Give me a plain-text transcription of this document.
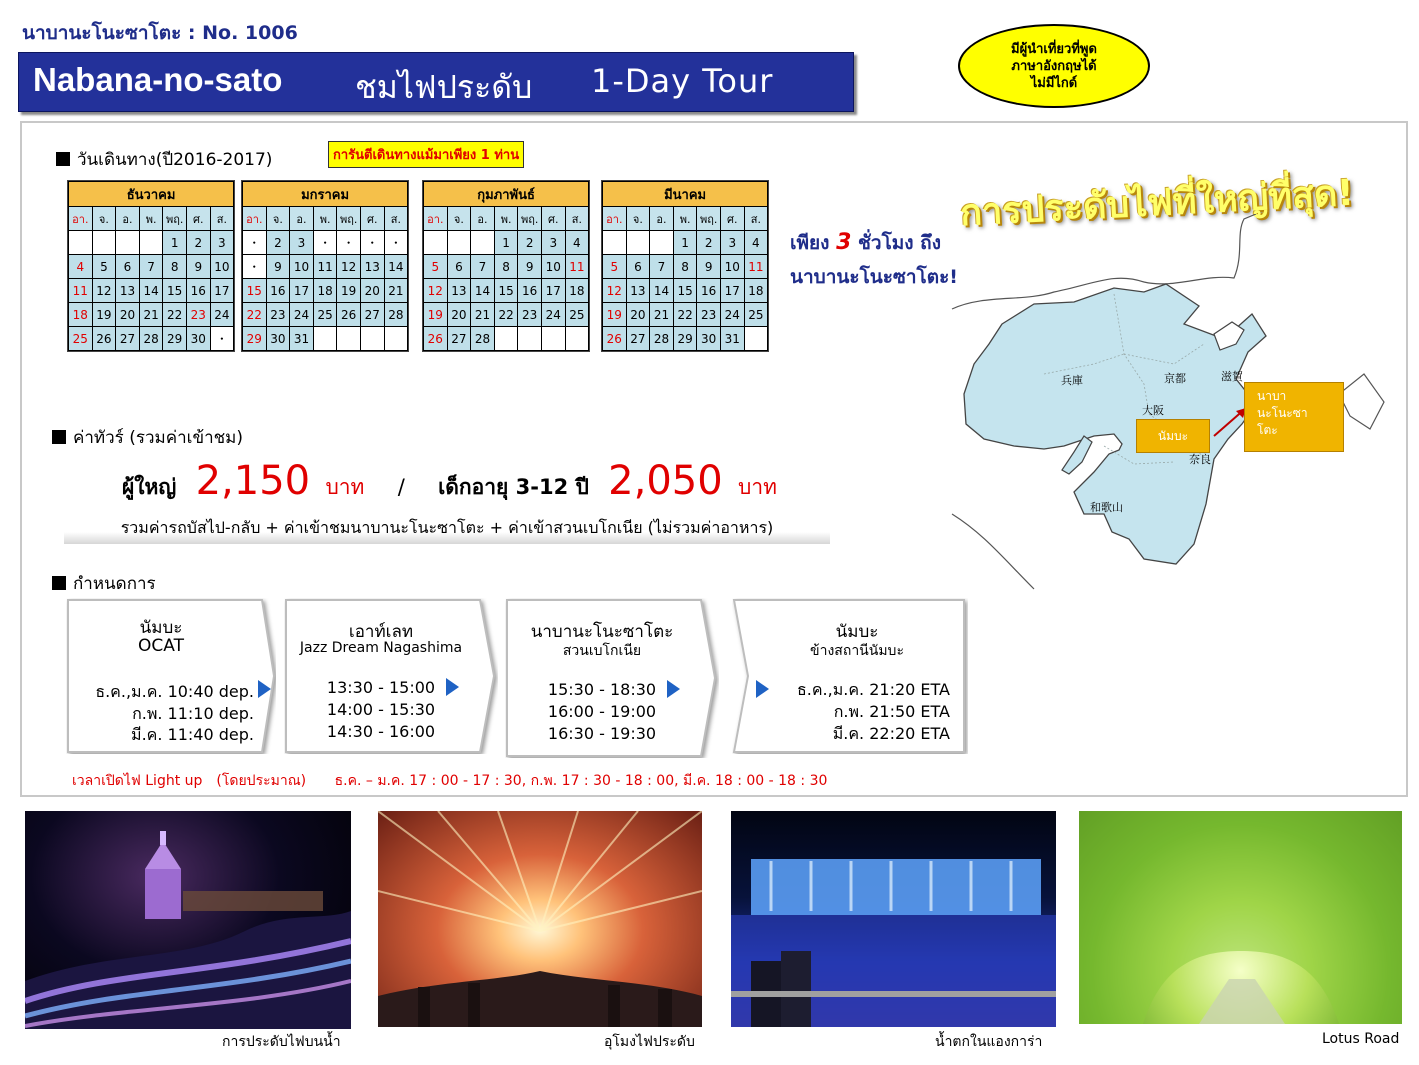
นาบานะโนะซาโตะ : No. 1006
Nabana-no-sato ชมไฟประดับ 1-Day Tour
มีผู้นำเที่ยวที่พูด
ภาษาอังกฤษได้
ไม่มีไกด์
วันเดินทาง(ปี2016-2017)	การันตีเดินทางแม้มาเพียง 1 ท่าน
ธันวาคม						
อา.	จ.	อ.	พ.	พฤ.	ศ.	ส.
				1	2	3
4	5	6	7	8	9	10
11	12	13	14	15	16	17
18	19	20	21	22	23	24
25	26	27	28	29	30	・
มกราคม						
อา.	จ.	อ.	พ.	พฤ.	ศ.	ส.
・	2	3	・	・	・	・
・	9	10	11	12	13	14
15	16	17	18	19	20	21
22	23	24	25	26	27	28
29	30	31				
กุมภาพันธ์						
อา.	จ.	อ.	พ.	พฤ.	ศ.	ส.
			1	2	3	4
5	6	7	8	9	10	11
12	13	14	15	16	17	18
19	20	21	22	23	24	25
26	27	28				
มีนาคม						
อา.	จ.	อ.	พ.	พฤ.	ศ.	ส.
			1	2	3	4
5	6	7	8	9	10	11
12	13	14	15	16	17	18
19	20	21	22	23	24	25
26	27	28	29	30	31	
การประดับไฟที่ใหญ่ที่สุด!
เพียง 3 ชั่วโมง ถึง
นาบานะโนะซาโตะ!
兵庫	京都	滋賀
大阪
奈良
和歌山
นัมบะ
นาบา
นะโนะซา
โตะ
ค่าทัวร์ (รวมค่าเข้าชม)
ผู้ใหญ่ 2,150 บาท / เด็กอายุ 3-12 ปี 2,050 บาท
รวมค่ารถบัสไป-กลับ + ค่าเข้าชมนาบานะโนะซาโตะ + ค่าเข้าสวนเบโกเนีย (ไม่รวมค่าอาหาร)
กำหนดการ
นัมบะ
OCAT
ธ.ค.,ม.ค. 10:40 dep.
ก.พ. 11:10 dep.
มี.ค. 11:40 dep.
เอาท์เลท
Jazz Dream Nagashima
13:30 - 15:00
14:00 - 15:30
14:30 - 16:00
นาบานะโนะซาโตะ
สวนเบโกเนีย
15:30 - 18:30
16:00 - 19:00
16:30 - 19:30
นัมบะ
ข้างสถานีนัมบะ
ธ.ค.,ม.ค. 21:20 ETA
ก.พ. 21:50 ETA
มี.ค. 22:20 ETA
เวลาเปิดไฟ Light up　(โดยประมาณ) ธ.ค. – ม.ค. 17 : 00 - 17 : 30, ก.พ. 17 : 30 - 18 : 00, มี.ค. 18 : 00 - 18 : 30
การประดับไฟบนน้ำ	อุโมงไฟประดับ	น้ำตกในแองการ่า	Lotus Road
